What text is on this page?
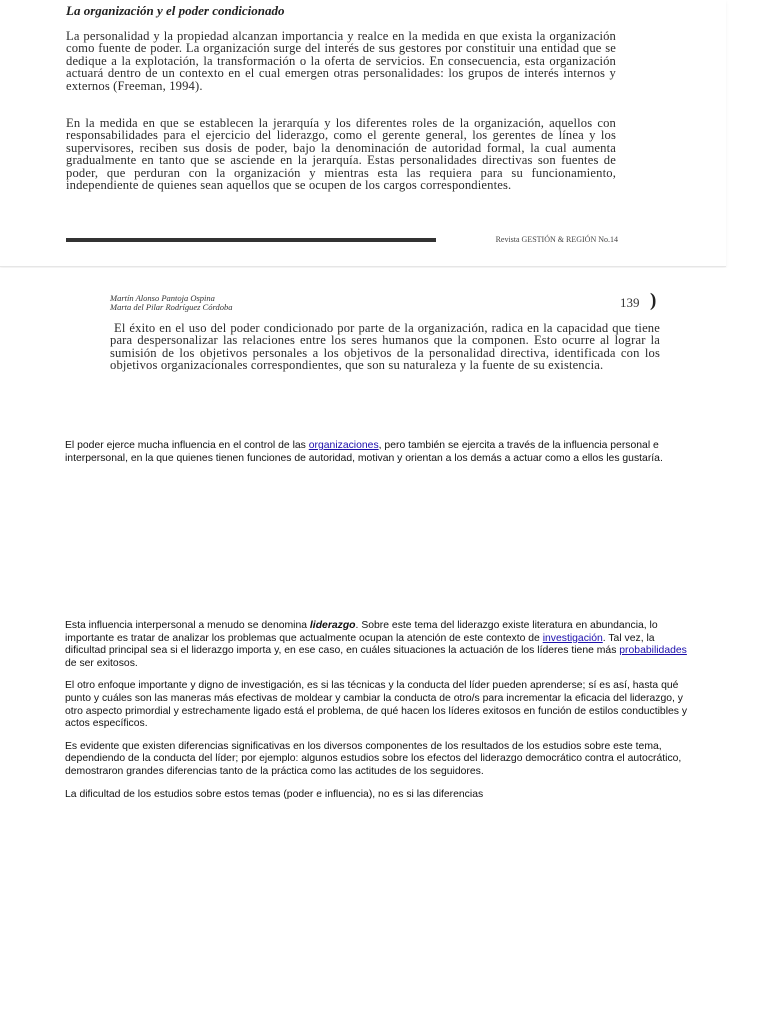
La organización y el poder condicionado
La personalidad y la propiedad alcanzan importancia y realce en la medida en que exista la organización como fuente de poder. La organización surge del interés de sus gestores por constituir una entidad que se dedique a la explotación, la transformación o la oferta de servicios. En consecuencia, esta organización actuará dentro de un contexto en el cual emergen otras personalidades: los grupos de interés internos y externos (Freeman, 1994).
En la medida en que se establecen la jerarquía y los diferentes roles de la organización, aquellos con responsabilidades para el ejercicio del liderazgo, como el gerente general, los gerentes de línea y los supervisores, reciben sus dosis de poder, bajo la denominación de autoridad formal, la cual aumenta gradualmente en tanto que se asciende en la jerarquía. Estas personalidades directivas son fuentes de poder, que perduran con la organización y mientras esta las requiera para su funcionamiento, independiente de quienes sean aquellos que se ocupen de los cargos correspondientes.
Revista GESTIÓN & REGIÓN No.14
Martín Alonso Pantoja Ospina
Marta del Pilar Rodríguez Córdoba	139 )
El éxito en el uso del poder condicionado por parte de la organización, radica en la capacidad que tiene para despersonalizar las relaciones entre los seres humanos que la componen. Esto ocurre al lograr la sumisión de los objetivos personales a los objetivos de la personalidad directiva, identificada con los objetivos organizacionales correspondientes, que son su naturaleza y la fuente de su existencia.
El poder ejerce mucha influencia en el control de las organizaciones, pero también se ejercita a través de la influencia personal e interpersonal, en la que quienes tienen funciones de autoridad, motivan y orientan a los demás a actuar como a ellos les gustaría.

Esta influencia interpersonal a menudo se denomina liderazgo. Sobre este tema del liderazgo existe literatura en abundancia, lo importante es tratar de analizar los problemas que actualmente ocupan la atención de este contexto de investigación. Tal vez, la dificultad principal sea si el liderazgo importa y, en ese caso, en cuáles situaciones la actuación de los líderes tiene más probabilidades de ser exitosos.

El otro enfoque importante y digno de investigación, es si las técnicas y la conducta del líder pueden aprenderse; sí es así, hasta qué punto y cuáles son las maneras más efectivas de moldear y cambiar la conducta de otro/s para incrementar la eficacia del liderazgo, y otro aspecto primordial y estrechamente ligado está el problema, de qué hacen los líderes exitosos en función de estilos conductibles y actos específicos.

Es evidente que existen diferencias significativas en los diversos componentes de los resultados de los estudios sobre este tema, dependiendo de la conducta del líder; por ejemplo: algunos estudios sobre los efectos del liderazgo democrático contra el autocrático, demostraron grandes diferencias tanto de la práctica como las actitudes de los seguidores.

La dificultad de los estudios sobre estos temas (poder e influencia), no es si las diferencias
